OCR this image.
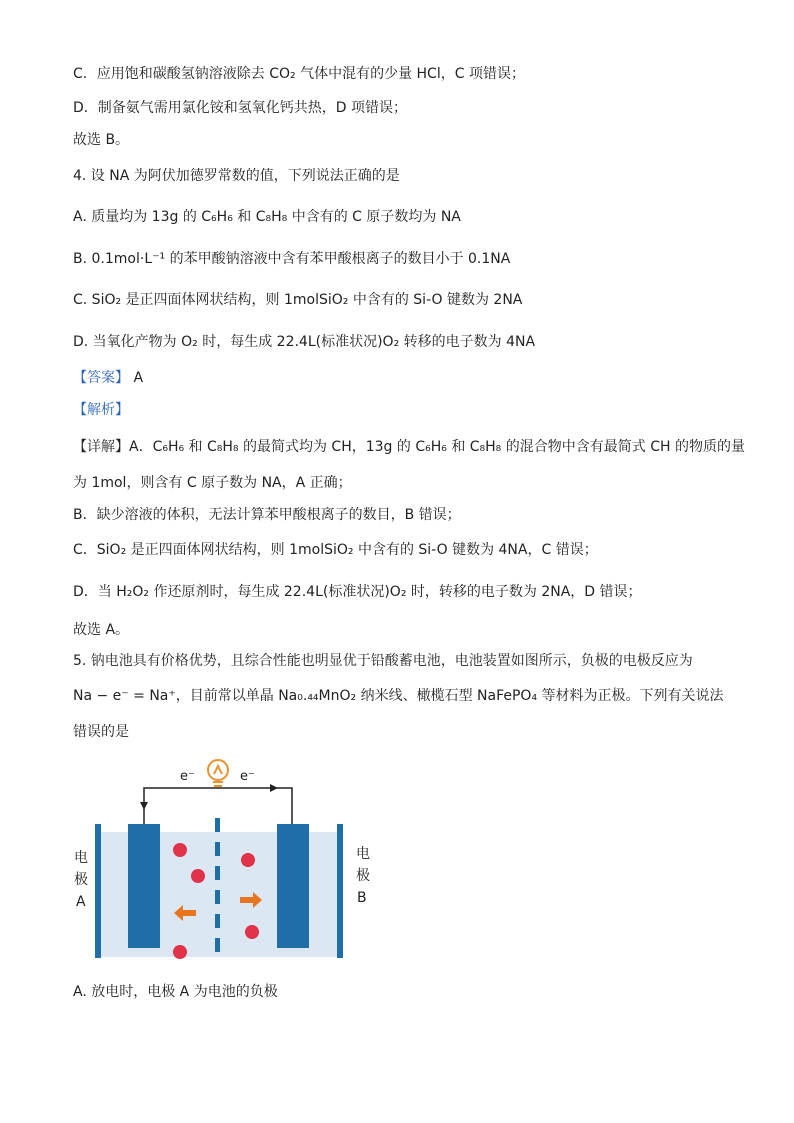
C．应用饱和碳酸氢钠溶液除去 CO₂ 气体中混有的少量 HCl，C 项错误；
D．制备氨气需用氯化铵和氢氧化钙共热，D 项错误；
故选 B。
4. 设 NA 为阿伏加德罗常数的值，下列说法正确的是
A. 质量均为 13g 的 C₆H₆ 和 C₈H₈ 中含有的 C 原子数均为 NA
B. 0.1mol·L⁻¹ 的苯甲酸钠溶液中含有苯甲酸根离子的数目小于 0.1NA
C. SiO₂ 是正四面体网状结构，则 1molSiO₂ 中含有的 Si-O 键数为 2NA
D. 当氧化产物为 O₂ 时，每生成 22.4L(标准状况)O₂ 转移的电子数为 4NA
【答案】 A
【解析】
【详解】A．C₆H₆ 和 C₈H₈ 的最简式均为 CH，13g 的 C₆H₆ 和 C₈H₈ 的混合物中含有最简式 CH 的物质的量
为 1mol，则含有 C 原子数为 NA，A 正确；
B．缺少溶液的体积，无法计算苯甲酸根离子的数目，B 错误；
C．SiO₂ 是正四面体网状结构，则 1molSiO₂ 中含有的 Si-O 键数为 4NA，C 错误；
D．当 H₂O₂ 作还原剂时，每生成 22.4L(标准状况)O₂ 时，转移的电子数为 2NA，D 错误；
故选 A。
5. 钠电池具有价格优势，且综合性能也明显优于铅酸蓄电池，电池装置如图所示，负极的电极反应为
Na − e⁻ = Na⁺，目前常以单晶 Na₀.₄₄MnO₂ 纳米线、橄榄石型 NaFePO₄ 等材料为正极。下列有关说法
错误的是
e⁻	e⁻
电
极
A
电
极
B
A. 放电时，电极 A 为电池的负极
